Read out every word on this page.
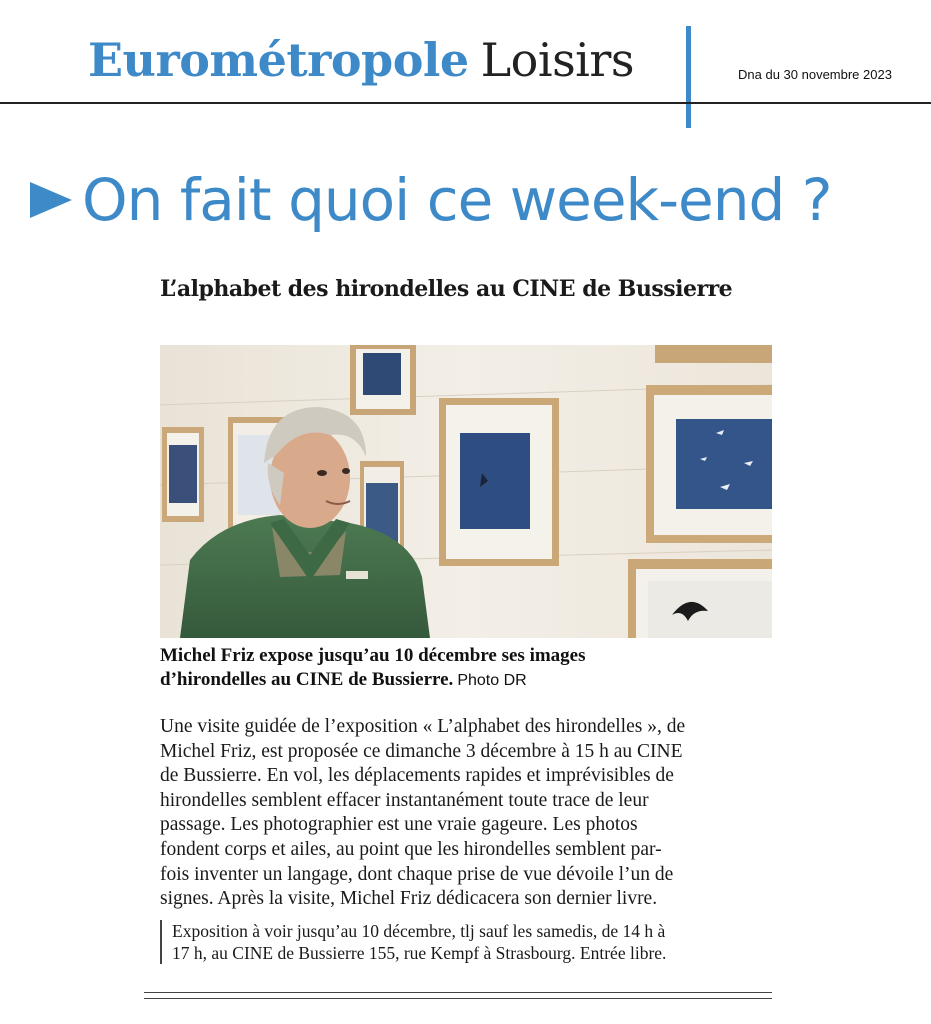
Eurométropole Loisirs	Dna du 30 novembre 2023
On fait quoi ce week-end ?
L’alphabet des hirondelles au CINE de Bussierre
Michel Friz expose jusqu’au 10 décembre ses images
d’hirondelles au CINE de Bussierre. Photo DR
Une visite guidée de l’exposition « L’alphabet des hirondelles », de
Michel Friz, est proposée ce dimanche 3 décembre à 15 h au CINE
de Bussierre. En vol, les déplacements rapides et imprévisibles de
hirondelles semblent effacer instantanément toute trace de leur
passage. Les photographier est une vraie gageure. Les photos
fondent corps et ailes, au point que les hirondelles semblent par-
fois inventer un langage, dont chaque prise de vue dévoile l’un de
signes. Après la visite, Michel Friz dédicacera son dernier livre.
Exposition à voir jusqu’au 10 décembre, tlj sauf les samedis, de 14 h à
17 h, au CINE de Bussierre 155, rue Kempf à Strasbourg. Entrée libre.
